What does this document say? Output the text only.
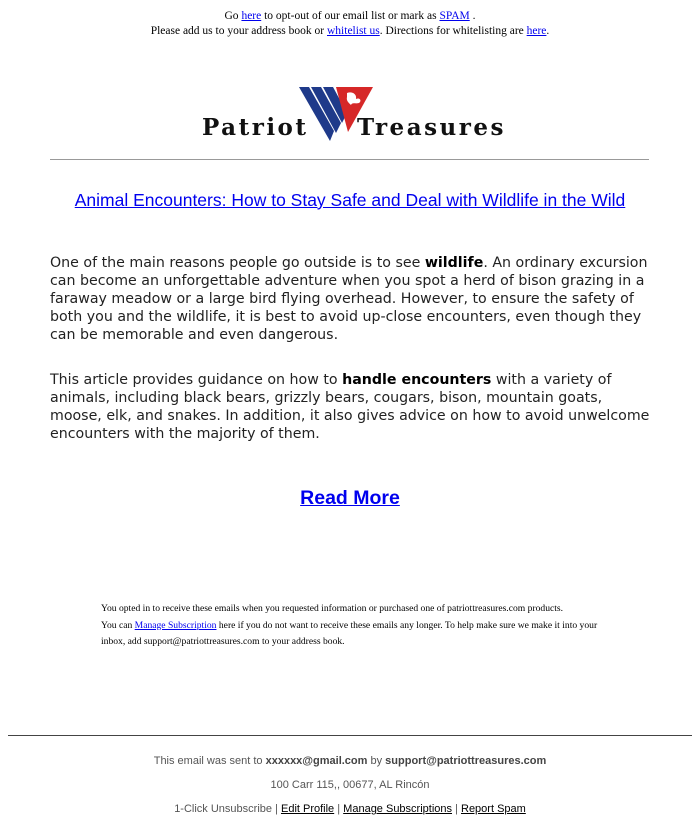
Go here to opt-out of our email list or mark as SPAM .
Please add us to your address book or whitelist us. Directions for whitelisting are here.
Patriot Treasures
Animal Encounters: How to Stay Safe and Deal with Wildlife in the Wild

One of the main reasons people go outside is to see wildlife. An ordinary excursion can become an unforgettable adventure when you spot a herd of bison grazing in a faraway meadow or a large bird flying overhead. However, to ensure the safety of both you and the wildlife, it is best to avoid up-close encounters, even though they can be memorable and even dangerous.

This article provides guidance on how to handle encounters with a variety of animals, including black bears, grizzly bears, cougars, bison, mountain goats, moose, elk, and snakes. In addition, it also gives advice on how to avoid unwelcome encounters with the majority of them.

Read More
You opted in to receive these emails when you requested information or purchased one of patriottreasures.com products.
You can Manage Subscription here if you do not want to receive these emails any longer. To help make sure we make it into your inbox, add support@patriottreasures.com to your address book.
This email was sent to xxxxxx@gmail.com by support@patriottreasures.com
100 Carr 115,, 00677, AL Rincón
1-Click Unsubscribe | Edit Profile | Manage Subscriptions | Report Spam
